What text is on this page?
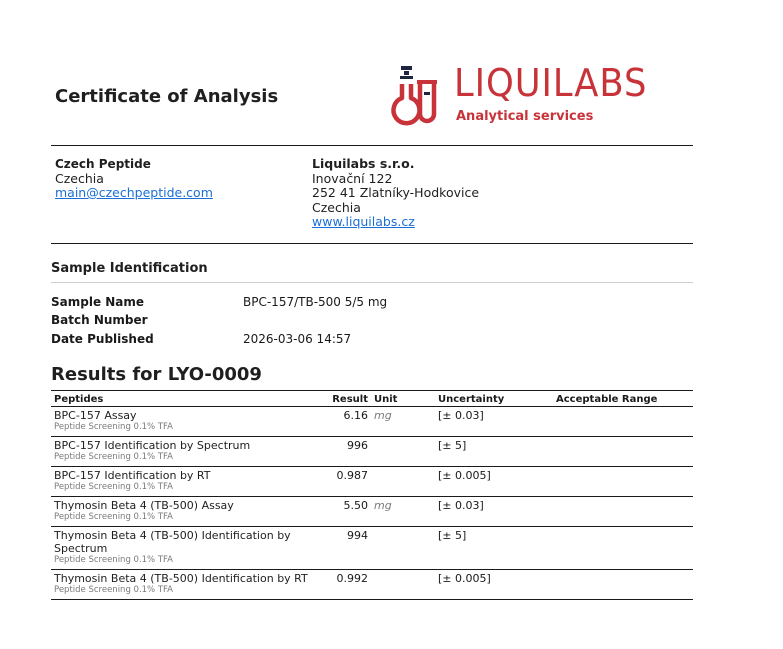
Certificate of Analysis	LIQUILABS
Analytical services
Czech Peptide
Czechia
main@czechpeptide.com
Liquilabs s.r.o.
Inovační 122
252 41 Zlatníky-Hodkovice
Czechia
www.liquilabs.cz
Sample Identification
Sample Name	BPC-157/TB-500 5/5 mg
Batch Number
Date Published	2026-03-06 14:57
Results for LYO-0009
Peptides	Result	Unit	Uncertainty	Acceptable Range

BPC-157 Assay
Peptide Screening 0.1% TFA	6.16	mg	[± 0.03]	

BPC-157 Identification by Spectrum
Peptide Screening 0.1% TFA	996		[± 5]	

BPC-157 Identification by RT
Peptide Screening 0.1% TFA	0.987		[± 0.005]	

Thymosin Beta 4 (TB-500) Assay
Peptide Screening 0.1% TFA	5.50	mg	[± 0.03]	

Thymosin Beta 4 (TB-500) Identification by Spectrum
Peptide Screening 0.1% TFA	994		[± 5]	

Thymosin Beta 4 (TB-500) Identification by RT
Peptide Screening 0.1% TFA	0.992		[± 0.005]	
